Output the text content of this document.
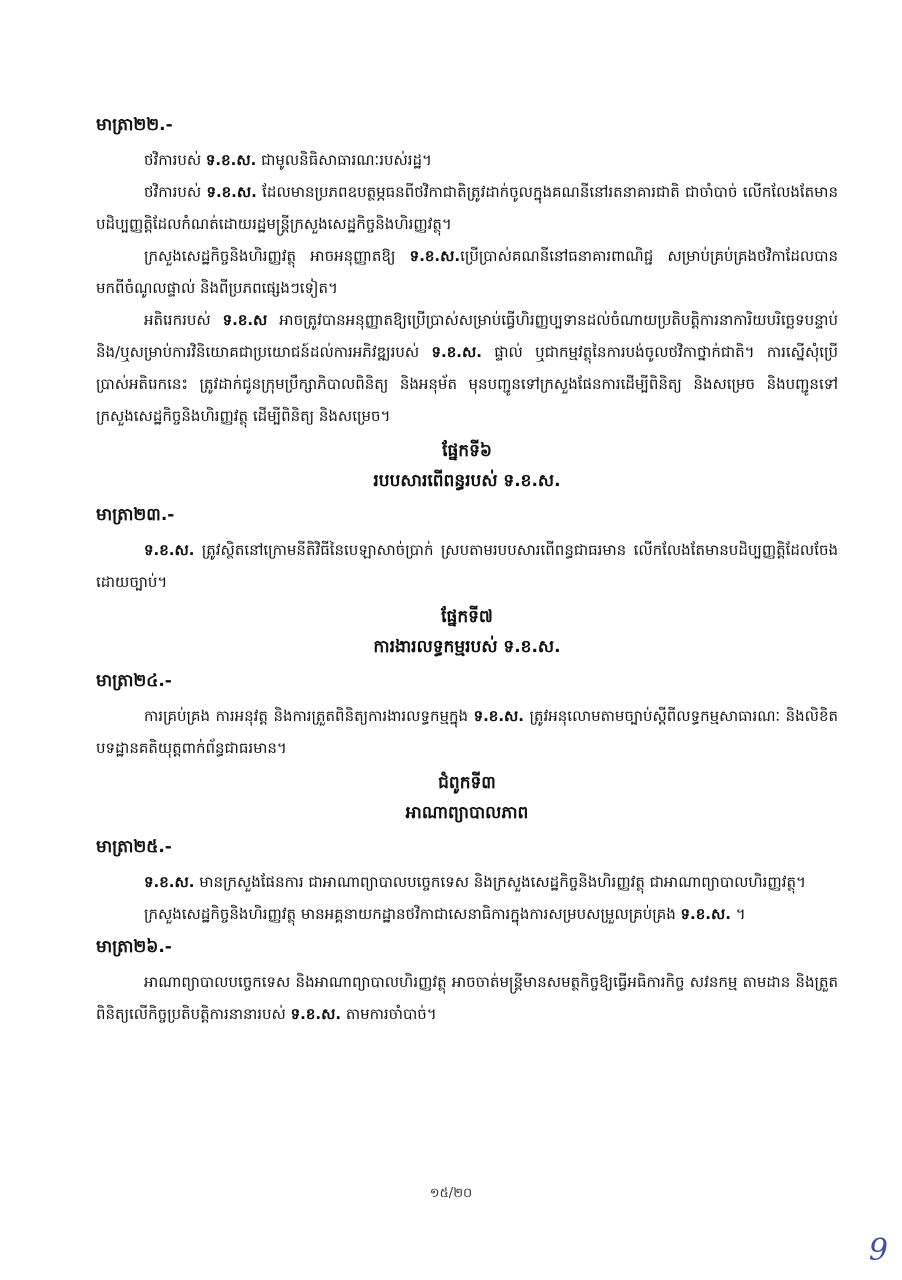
មាត្រា២២.-

ថវិការបស់ ទ.ខ.ស. ជាមូលនិធិសាធារណៈរបស់រដ្ឋ។

ថវិការបស់ ទ.ខ.ស. ដែលមានប្រភពឧបត្ថម្ភធនពីថវិកាជាតិត្រូវដាក់ចូលក្នុងគណនីនៅរតនាគារជាតិ ជាចាំបាច់ លើកលែងតែមានបដិប្បញ្ញត្តិដែលកំណត់ដោយរដ្ឋមន្ត្រីក្រសួងសេដ្ឋកិច្ចនិងហិរញ្ញវត្ថុ។

ក្រសួងសេដ្ឋកិច្ចនិងហិរញ្ញវត្ថុ អាចអនុញ្ញាតឱ្យ ទ.ខ.ស.ប្រើប្រាស់គណនីនៅធនាគារពាណិជ្ជ សម្រាប់គ្រប់គ្រងថវិកាដែលបានមកពីចំណូលផ្ទាល់ និងពីប្រភពផ្សេងៗទៀត។

អតិរេករបស់ ទ.ខ.ស អាចត្រូវបានអនុញ្ញាតឱ្យប្រើប្រាស់សម្រាប់ធ្វើហិរញ្ញប្បទានដល់ចំណាយប្រតិបត្តិការនាការិយបរិច្ឆេទបន្ទាប់ និង/ឬសម្រាប់ការវិនិយោគជាប្រយោជន៍ដល់ការអភិវឌ្ឍរបស់ ទ.ខ.ស. ផ្ទាល់ ឬជាកម្មវត្ថុនៃការបង់ចូលថវិកាថ្នាក់ជាតិ។ ការស្នើសុំប្រើប្រាស់អតិរេកនេះ ត្រូវដាក់ជូនក្រុមប្រឹក្សាភិបាលពិនិត្យ និងអនុម័ត មុនបញ្ជូនទៅក្រសួងផែនការដើម្បីពិនិត្យ និងសម្រេច និងបញ្ជូនទៅក្រសួងសេដ្ឋកិច្ចនិងហិរញ្ញវត្ថុ ដើម្បីពិនិត្យ និងសម្រេច។

ផ្នែកទី៦

របបសារពើពន្ធរបស់ ទ.ខ.ស.

មាត្រា២៣.-

ទ.ខ.ស. ត្រូវស្ថិតនៅក្រោមនីតិវិធីនៃបេឡាសាច់ប្រាក់ ស្របតាមរបបសារពើពន្ធជាធរមាន លើកលែងតែមានបដិប្បញ្ញត្តិដែលចែងដោយច្បាប់។

ផ្នែកទី៧

ការងារលទ្ធកម្មរបស់ ទ.ខ.ស.

មាត្រា២៤.-

ការគ្រប់គ្រង ការអនុវត្ត និងការត្រួតពិនិត្យការងារលទ្ធកម្មក្នុង ទ.ខ.ស. ត្រូវអនុលោមតាមច្បាប់ស្តីពីលទ្ធកម្មសាធារណៈ និងលិខិតបទដ្ឋានគតិយុត្តពាក់ព័ន្ធជាធរមាន។

ជំពូកទី៣

អាណាព្យាបាលភាព

មាត្រា២៥.-

ទ.ខ.ស. មានក្រសួងផែនការ ជាអាណាព្យាបាលបច្ចេកទេស និងក្រសួងសេដ្ឋកិច្ចនិងហិរញ្ញវត្ថុ ជាអាណាព្យាបាលហិរញ្ញវត្ថុ។

ក្រសួងសេដ្ឋកិច្ចនិងហិរញ្ញវត្ថុ មានអគ្គនាយកដ្ឋានថវិកាជាសេនាធិការក្នុងការសម្របសម្រួលគ្រប់គ្រង ទ.ខ.ស. ។

មាត្រា២៦.-

អាណាព្យាបាលបច្ចេកទេស និងអាណាព្យាបាលហិរញ្ញវត្ថុ អាចចាត់មន្ត្រីមានសមត្ថកិច្ចឱ្យធ្វើអធិការកិច្ច សវនកម្ម តាមដាន និងត្រួតពិនិត្យលើកិច្ចប្រតិបត្តិការនានារបស់ ទ.ខ.ស. តាមការចាំបាច់។

១៥/២០
9
